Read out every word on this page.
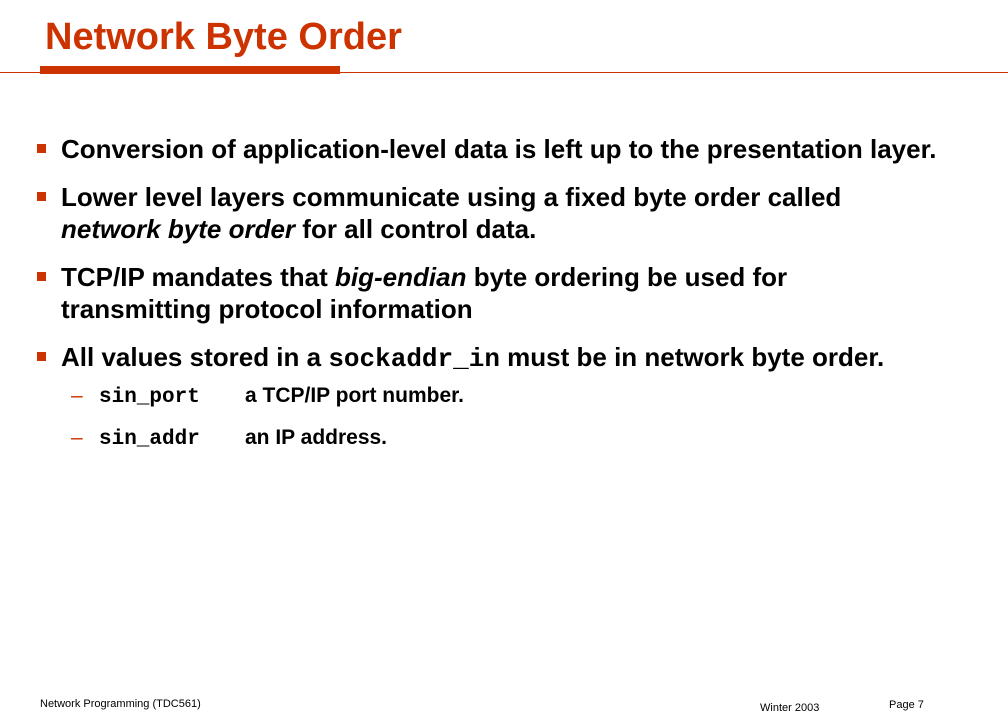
Network Byte Order
Conversion of application-level data is left up to the presentation layer.
Lower level layers communicate using a fixed byte order called network byte order for all control data.
TCP/IP mandates that big-endian byte ordering be used for transmitting protocol information
All values stored in a sockaddr_in must be in network byte order.
– sin_port a TCP/IP port number.
– sin_addr an IP address.
Network Programming (TDC561)	Winter 2003	Page 7
